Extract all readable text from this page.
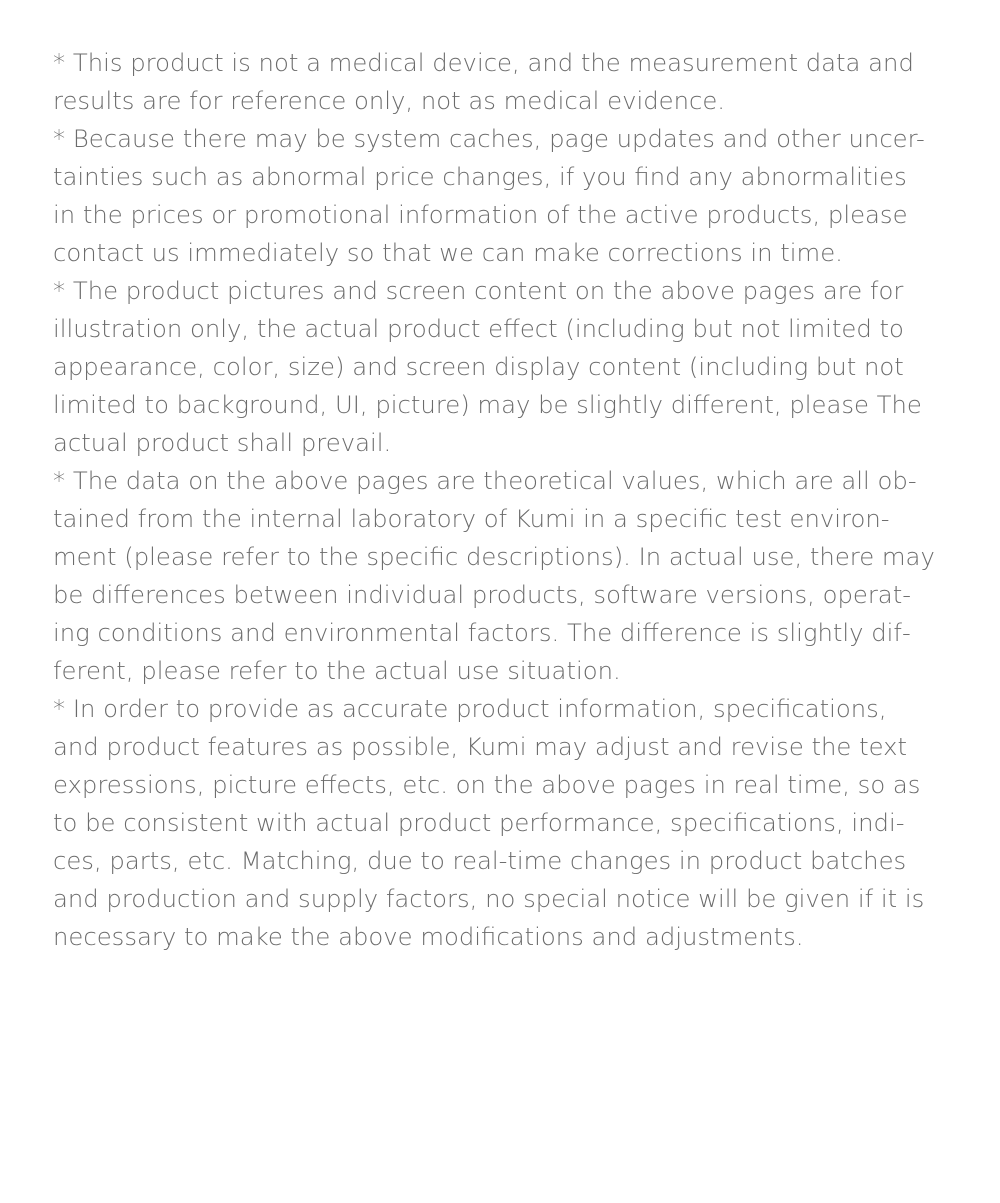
* This product is not a medical device, and the measurement data and
results are for reference only, not as medical evidence.
* Because there may be system caches, page updates and other uncer-
tainties such as abnormal price changes, if you find any abnormalities
in the prices or promotional information of the active products, please
contact us immediately so that we can make corrections in time.
* The product pictures and screen content on the above pages are for
illustration only, the actual product effect (including but not limited to
appearance, color, size) and screen display content (including but not
limited to background, UI, picture) may be slightly different, please The
actual product shall prevail.
* The data on the above pages are theoretical values, which are all ob-
tained from the internal laboratory of Kumi in a specific test environ-
ment (please refer to the specific descriptions). In actual use, there may
be differences between individual products, software versions, operat-
ing conditions and environmental factors. The difference is slightly dif-
ferent, please refer to the actual use situation.
* In order to provide as accurate product information, specifications,
and product features as possible, Kumi may adjust and revise the text
expressions, picture effects, etc. on the above pages in real time, so as
to be consistent with actual product performance, specifications, indi-
ces, parts, etc. Matching, due to real-time changes in product batches
and production and supply factors, no special notice will be given if it is
necessary to make the above modifications and adjustments.
